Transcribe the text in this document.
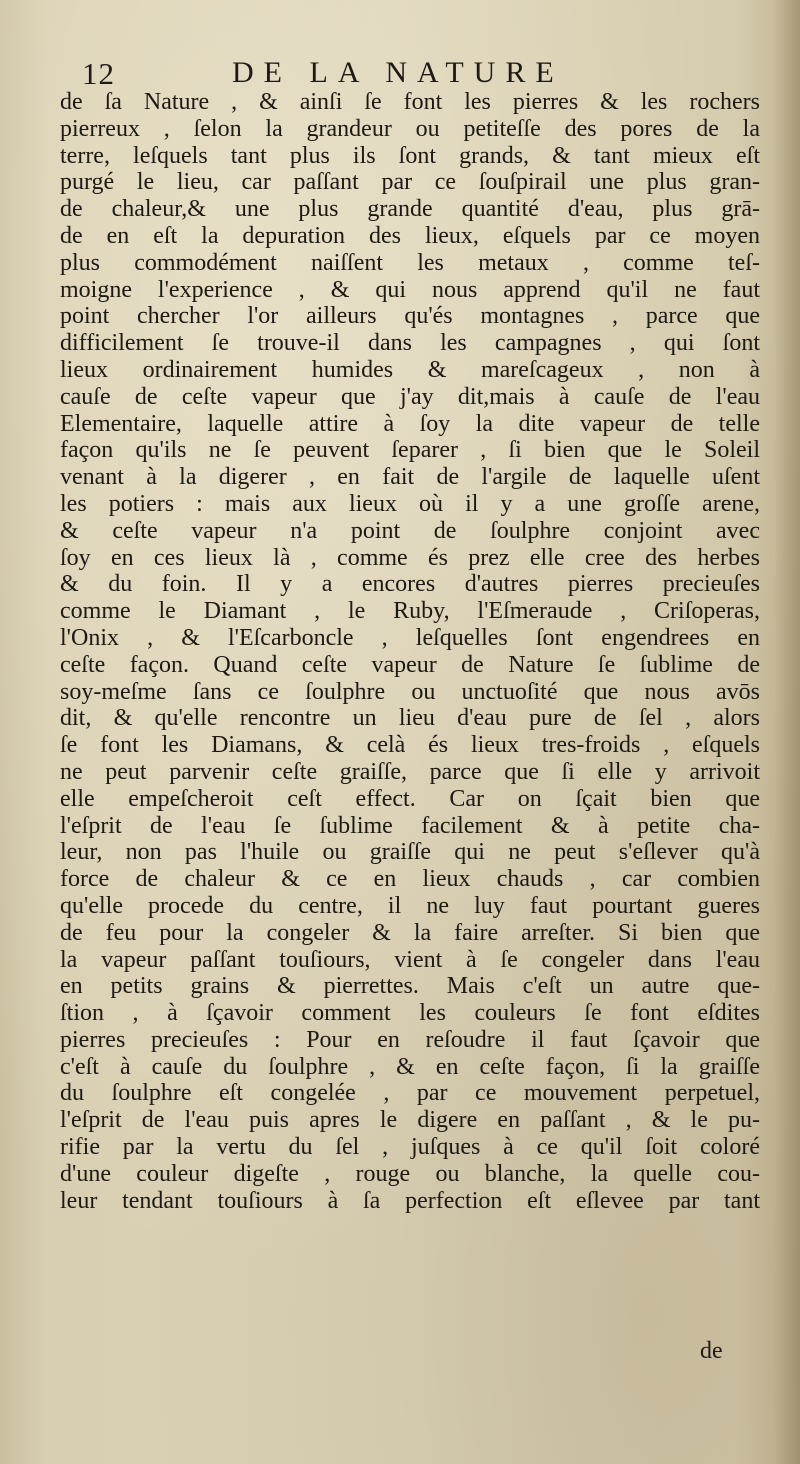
12	DE LA NATURE
de ſa Nature , & ainſi ſe font les pierres & les rochers
pierreux , ſelon la grandeur ou petiteſſe des pores de la
terre, leſquels tant plus ils ſont grands, & tant mieux eſt
purgé le lieu, car paſſant par ce ſouſpirail une plus gran-
de chaleur,& une plus grande quantité d'eau, plus grā-
de en eſt la depuration des lieux, eſquels par ce moyen
plus commodément naiſſent les metaux , comme teſ-
moigne l'experience , & qui nous apprend qu'il ne faut
point chercher l'or ailleurs qu'és montagnes , parce que
difficilement ſe trouve-il dans les campagnes , qui ſont
lieux ordinairement humides & mareſcageux , non à
cauſe de ceſte vapeur que j'ay dit,mais à cauſe de l'eau
Elementaire, laquelle attire à ſoy la dite vapeur de telle
façon qu'ils ne ſe peuvent ſeparer , ſi bien que le Soleil
venant à la digerer , en fait de l'argile de laquelle uſent
les potiers : mais aux lieux où il y a une groſſe arene,
& ceſte vapeur n'a point de ſoulphre conjoint avec
ſoy en ces lieux là , comme és prez elle cree des herbes
& du foin. Il y a encores d'autres pierres precieuſes
comme le Diamant , le Ruby, l'Eſmeraude , Criſoperas,
l'Onix , & l'Eſcarboncle , leſquelles ſont engendrees en
ceſte façon. Quand ceſte vapeur de Nature ſe ſublime de
soy-meſme ſans ce ſoulphre ou unctuoſité que nous avōs
dit, & qu'elle rencontre un lieu d'eau pure de ſel , alors
ſe font les Diamans, & celà és lieux tres-froids , eſquels
ne peut parvenir ceſte graiſſe, parce que ſi elle y arrivoit
elle empeſcheroit ceſt effect. Car on ſçait bien que
l'eſprit de l'eau ſe ſublime facilement & à petite cha-
leur, non pas l'huile ou graiſſe qui ne peut s'eſlever qu'à
force de chaleur & ce en lieux chauds , car combien
qu'elle procede du centre, il ne luy faut pourtant gueres
de feu pour la congeler & la faire arreſter. Si bien que
la vapeur paſſant touſiours, vient à ſe congeler dans l'eau
en petits grains & pierrettes. Mais c'eſt un autre que-
ſtion , à ſçavoir comment les couleurs ſe font eſdites
pierres precieuſes : Pour en reſoudre il faut ſçavoir que
c'eſt à cauſe du ſoulphre , & en ceſte façon, ſi la graiſſe
du ſoulphre eſt congelée , par ce mouvement perpetuel,
l'eſprit de l'eau puis apres le digere en paſſant , & le pu-
rifie par la vertu du ſel , juſques à ce qu'il ſoit coloré
d'une couleur digeſte , rouge ou blanche, la quelle cou-
leur tendant touſiours à ſa perfection eſt eſlevee par tant
de
